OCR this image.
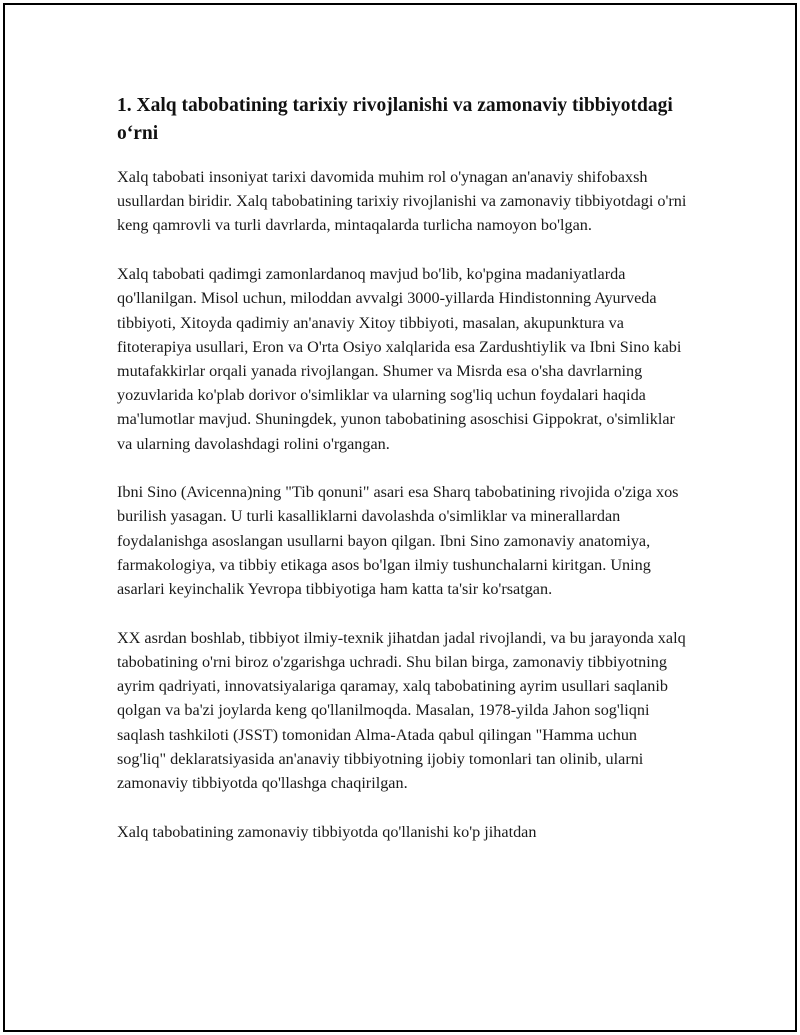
1. Xalq tabobatining tarixiy rivojlanishi va zamonaviy tibbiyotdagi o‘rni

Xalq tabobati insoniyat tarixi davomida muhim rol o'ynagan an'anaviy shifobaxsh usullardan biridir. Xalq tabobatining tarixiy rivojlanishi va zamonaviy tibbiyotdagi o'rni keng qamrovli va turli davrlarda, mintaqalarda turlicha namoyon bo'lgan.

Xalq tabobati qadimgi zamonlardanoq mavjud bo'lib, ko'pgina madaniyatlarda qo'llanilgan. Misol uchun, miloddan avvalgi 3000-yillarda Hindistonning Ayurveda tibbiyoti, Xitoyda qadimiy an'anaviy Xitoy tibbiyoti, masalan, akupunktura va fitoterapiya usullari, Eron va O'rta Osiyo xalqlarida esa Zardushtiylik va Ibni Sino kabi mutafakkirlar orqali yanada rivojlangan. Shumer va Misrda esa o'sha davrlarning yozuvlarida ko'plab dorivor o'simliklar va ularning sog'liq uchun foydalari haqida ma'lumotlar mavjud. Shuningdek, yunon tabobatining asoschisi Gippokrat, o'simliklar va ularning davolashdagi rolini o'rgangan.

Ibni Sino (Avicenna)ning "Tib qonuni" asari esa Sharq tabobatining rivojida o'ziga xos burilish yasagan. U turli kasalliklarni davolashda o'simliklar va minerallardan foydalanishga asoslangan usullarni bayon qilgan. Ibni Sino zamonaviy anatomiya, farmakologiya, va tibbiy etikaga asos bo'lgan ilmiy tushunchalarni kiritgan. Uning asarlari keyinchalik Yevropa tibbiyotiga ham katta ta'sir ko'rsatgan.

XX asrdan boshlab, tibbiyot ilmiy-texnik jihatdan jadal rivojlandi, va bu jarayonda xalq tabobatining o'rni biroz o'zgarishga uchradi. Shu bilan birga, zamonaviy tibbiyotning ayrim qadriyati, innovatsiyalariga qaramay, xalq tabobatining ayrim usullari saqlanib qolgan va ba'zi joylarda keng qo'llanilmoqda. Masalan, 1978-yilda Jahon sog'liqni saqlash tashkiloti (JSST) tomonidan Alma-Atada qabul qilingan "Hamma uchun sog'liq" deklaratsiyasida an'anaviy tibbiyotning ijobiy tomonlari tan olinib, ularni zamonaviy tibbiyotda qo'llashga chaqirilgan.

Xalq tabobatining zamonaviy tibbiyotda qo'llanishi ko'p jihatdan
